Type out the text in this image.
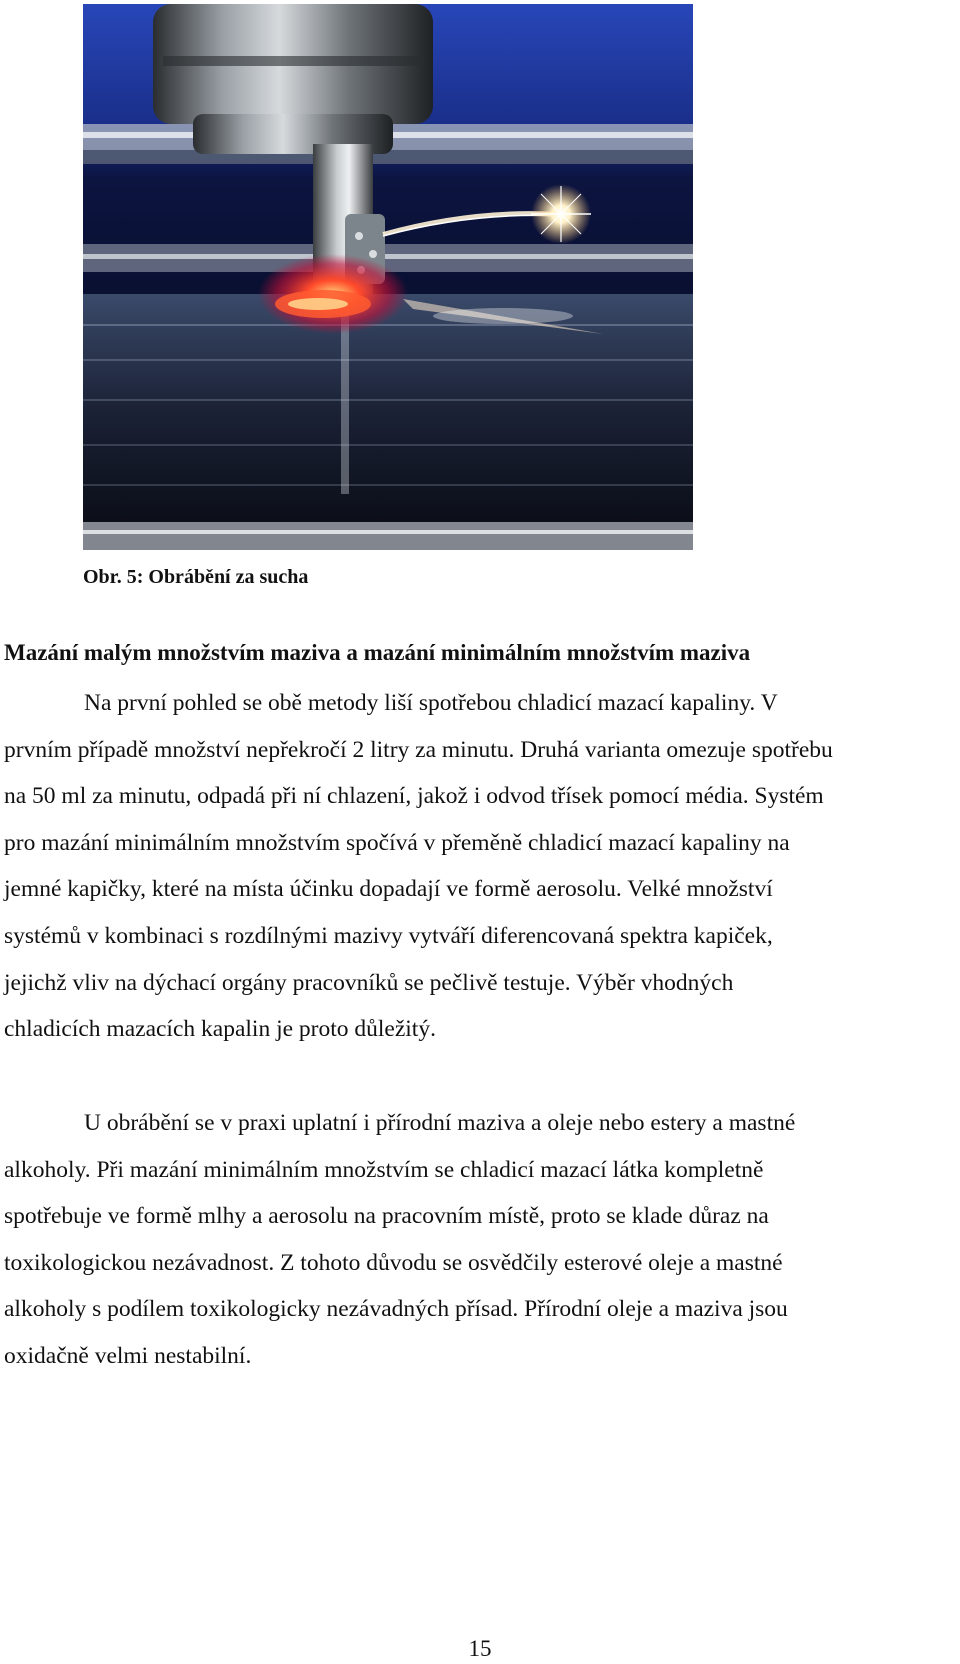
Obr. 5: Obrábění za sucha
Mazání malým množstvím maziva a mazání minimálním množstvím maziva

Na první pohled se obě metody liší spotřebou chladicí mazací kapaliny. V
prvním případě množství nepřekročí 2 litry za minutu. Druhá varianta omezuje spotřebu
na 50 ml za minutu, odpadá při ní chlazení, jakož i odvod třísek pomocí média. Systém
pro mazání minimálním množstvím spočívá v přeměně chladicí mazací kapaliny na
jemné kapičky, které na místa účinku dopadají ve formě aerosolu. Velké množství
systémů v kombinaci s rozdílnými mazivy vytváří diferencovaná spektra kapiček,
jejichž vliv na dýchací orgány pracovníků se pečlivě testuje. Výběr vhodných
chladicích mazacích kapalin je proto důležitý.

U obrábění se v praxi uplatní i přírodní maziva a oleje nebo estery a mastné
alkoholy. Při mazání minimálním množstvím se chladicí mazací látka kompletně
spotřebuje ve formě mlhy a aerosolu na pracovním místě, proto se klade důraz na
toxikologickou nezávadnost. Z tohoto důvodu se osvědčily esterové oleje a mastné
alkoholy s podílem toxikologicky nezávadných přísad. Přírodní oleje a maziva jsou
oxidačně velmi nestabilní.

15
